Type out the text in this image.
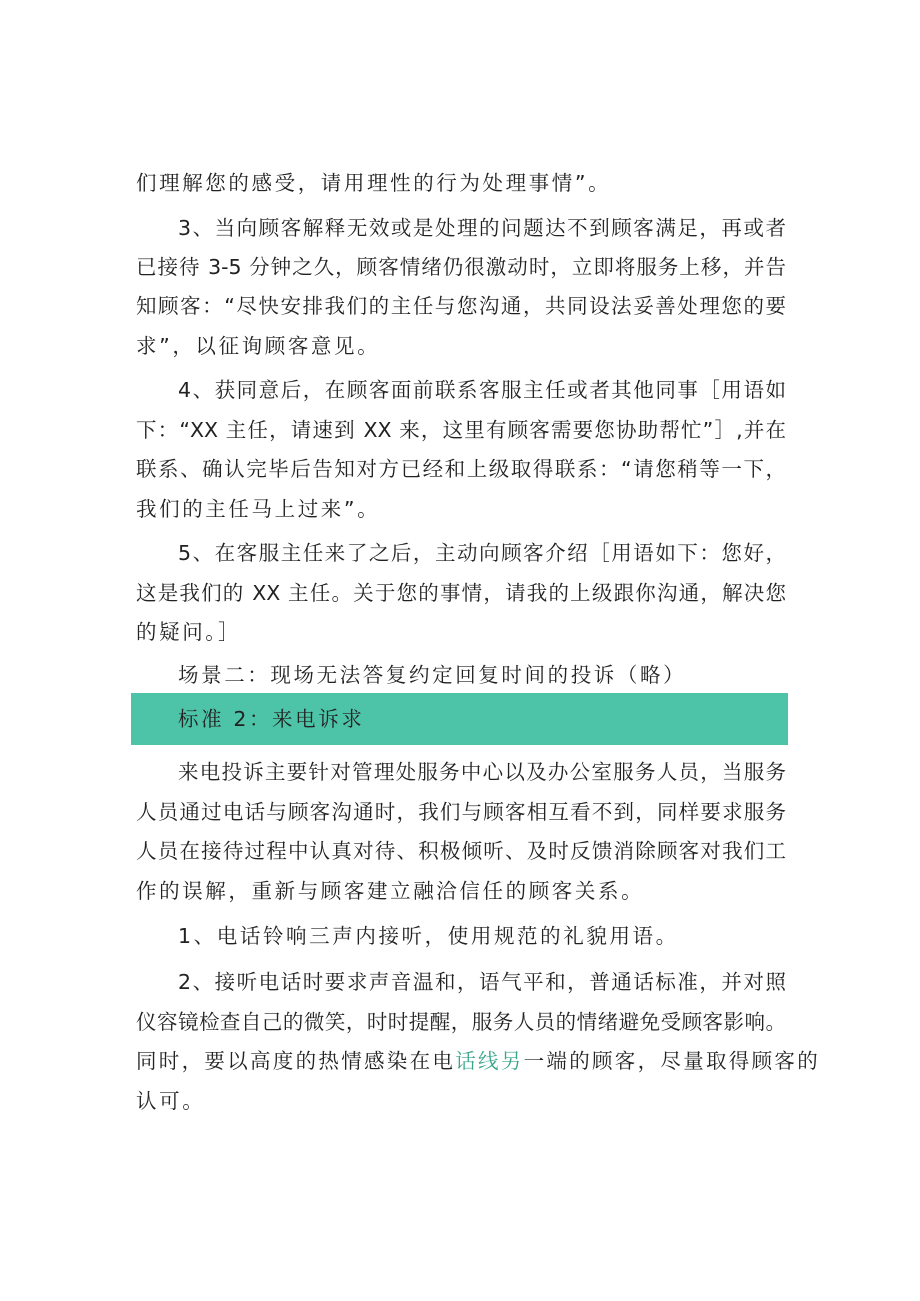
们理解您的感受，请用理性的行为处理事情”。

3、当向顾客解释无效或是处理的问题达不到顾客满足，再或者

已接待 3-5 分钟之久，顾客情绪仍很激动时，立即将服务上移，并告

知顾客：“尽快安排我们的主任与您沟通，共同设法妥善处理您的要

求”，以征询顾客意见。

4、获同意后，在顾客面前联系客服主任或者其他同事［用语如

下：“XX 主任，请速到 XX 来，这里有顾客需要您协助帮忙”］,并在

联系、确认完毕后告知对方已经和上级取得联系：“请您稍等一下，

我们的主任马上过来”。

5、在客服主任来了之后，主动向顾客介绍［用语如下：您好，

这是我们的 XX 主任。关于您的事情，请我的上级跟你沟通，解决您

的疑问。］

场景二：现场无法答复约定回复时间的投诉（略）

标准 2：来电诉求

来电投诉主要针对管理处服务中心以及办公室服务人员，当服务

人员通过电话与顾客沟通时，我们与顾客相互看不到，同样要求服务

人员在接待过程中认真对待、积极倾听、及时反馈消除顾客对我们工

作的误解，重新与顾客建立融洽信任的顾客关系。

1、电话铃响三声内接听，使用规范的礼貌用语。

2、接听电话时要求声音温和，语气平和，普通话标准，并对照

仪容镜检查自己的微笑，时时提醒，服务人员的情绪避免受顾客影响。

同时，要以高度的热情感染在电话线另一端的顾客，尽量取得顾客的

认可。
